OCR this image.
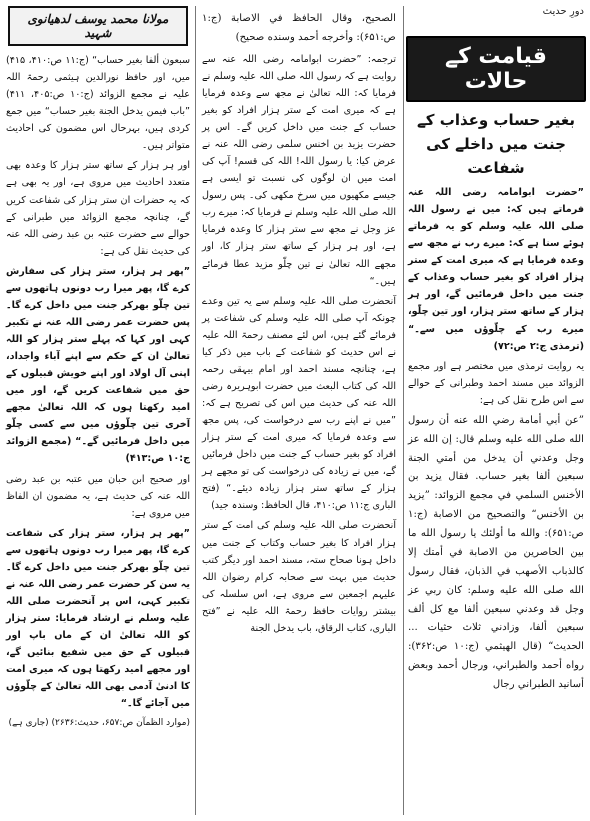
دورِ حدیث
قیامت کے حالات
بغیر حساب وعذاب کے جنت میں داخلے کی شفاعت

”حضرت ابوامامہ رضی اللہ عنہ فرماتے ہیں کہ: میں نے رسول اللہ صلی اللہ علیہ وسلم کو یہ فرماتے ہوئے سنا ہے کہ: میرے رب نے مجھ سے وعدہ فرمایا ہے کہ میری امت کے ستر ہزار افراد کو بغیر حساب وعذاب کے جنت میں داخل فرمائیں گے، اور ہر ہزار کے ساتھ ستر ہزار، اور تین چلّو، میرے رب کے چلّوؤں میں سے۔“ (ترمذی ج:۲ ص:۷۲)

یہ روایت ترمذی میں مختصر ہے اور مجمع الزوائد میں مسند احمد وطبرانی کے حوالے سے اس طرح نقل کی ہے:

”عن أبي أمامة رضي الله عنه أن رسول الله صلى الله عليه وسلم قال: إن الله عز وجل وعدني أن يدخل من أمتي الجنة سبعين ألفا بغير حساب. فقال يزيد بن الأخنس السلمي في مجمع الزوائد: ”يزيد بن الأخنس“ والتصحيح من الاصابة (ج:۱ ص:۶۵۱): والله ما أولئك يا رسول الله ما بين الحاصرين من الاصابة في أمتك إلا كالذباب الأصهب في الذبان، فقال رسول الله صلى الله عليه وسلم: كان ربي عز وجل قد وعدني سبعين ألفا مع كل ألف سبعين ألفا، وزادني ثلاث حثيات ... الحديث“ (قال الهيثمي (ج:۱۰ ص:۳۶۲): رواه أحمد والطبراني، ورجال أحمد وبعض أسانيد الطبراني رجال

الصحيح، وقال الحافظ في الاصابة (ج:۱ ص:۶۵۱): وأخرجه أحمد وسنده صحيح)

ترجمہ: ”حضرت ابوامامہ رضی اللہ عنہ سے روایت ہے کہ رسول اللہ صلی اللہ علیہ وسلم نے فرمایا کہ: اللہ تعالیٰ نے مجھ سے وعدہ فرمایا ہے کہ میری امت کے ستر ہزار افراد کو بغیر حساب کے جنت میں داخل کریں گے۔ اس پر حضرت یزید بن اخنس سلمی رضی اللہ عنہ نے عرض کیا: یا رسول اللہ! اللہ کی قسم! آپ کی امت میں ان لوگوں کی نسبت تو ایسی ہے جیسے مکھیوں میں سرخ مکھی کی۔ پس رسول اللہ صلی اللہ علیہ وسلم نے فرمایا کہ: میرے رب عز وجل نے مجھ سے ستر ہزار کا وعدہ فرمایا ہے، اور ہر ہزار کے ساتھ ستر ہزار کا، اور مجھے اللہ تعالیٰ نے تین چلّو مزید عطا فرمائے ہیں۔“

آنحضرت صلی اللہ علیہ وسلم سے یہ تین وعدے چونکہ آپ صلی اللہ علیہ وسلم کی شفاعت پر فرمائے گئے ہیں، اس لئے مصنف رحمۃ اللہ علیہ نے اس حدیث کو شفاعت کے باب میں ذکر کیا ہے، چنانچہ مسند احمد اور امام بیہقی رحمہ اللہ کی کتاب البعث میں حضرت ابوہریرہ رضی اللہ عنہ کی حدیث میں اس کی تصریح ہے کہ: ”میں نے اپنے رب سے درخواست کی، پس مجھ سے وعدہ فرمایا کہ میری امت کے ستر ہزار افراد کو بغیر حساب کے جنت میں داخل فرمائیں گے، میں نے زیادہ کی درخواست کی تو مجھے ہر ہزار کے ساتھ ستر ہزار زیادہ دیئے۔“ (فتح الباری ج:۱۱ ص:۴۱۰، قال الحافظ: وسندہ جید)

آنحضرت صلی اللہ علیہ وسلم کی امت کے ستر ہزار افراد کا بغیر حساب وکتاب کے جنت میں داخل ہونا صحاح ستہ، مسند احمد اور دیگر کتب حدیث میں بہت سے صحابہ کرام رضوان اللہ علیہم اجمعین سے مروی ہے، اس سلسلہ کی بیشتر روایات حافظ رحمۃ اللہ علیہ نے ”فتح الباری، کتاب الرقاق، باب یدخل الجنة

مولانا محمد یوسف لدھیانوی شہید

سبعون ألفا بغير حساب“ (ج:۱۱ ص:۴۱۰، ۴۱۵) میں، اور حافظ نورالدین ہیثمی رحمۃ اللہ علیہ نے مجمع الزوائد (ج:۱۰ ص:۴۰۵، ۴۱۱) ”باب فيمن يدخل الجنة بغير حساب“ میں جمع کردی ہیں، بہرحال اس مضمون کی احادیث متواتر ہیں۔

اور ہر ہزار کے ساتھ ستر ہزار کا وعدہ بھی متعدد احادیث میں مروی ہے، اور یہ بھی ہے کہ یہ حضرات ان ستر ہزار کی شفاعت کریں گے، چنانچہ مجمع الزوائد میں طبرانی کے حوالے سے حضرت عتبہ بن عبد رضی اللہ عنہ کی حدیث نقل کی ہے:

”پھر ہر ہزار، ستر ہزار کی سفارش کرے گا، پھر میرا رب دونوں ہاتھوں سے تین چلّو بھرکر جنت میں داخل کرے گا۔ پس حضرت عمر رضی اللہ عنہ نے تکبیر کہی اور کہا کہ پہلے ستر ہزار کو اللہ تعالیٰ ان کے حکم سے اپنے آباء واجداد، اپنی آل اولاد اور اپنے خویش قبیلوں کے حق میں شفاعت کریں گے، اور میں امید رکھتا ہوں کہ اللہ تعالیٰ مجھے آخری تین چلّوؤں میں سے کسی چلّو میں داخل فرمائیں گے۔“ (مجمع الزوائد ج:۱۰ ص:۴۱۳)

اور صحیح ابن حبان میں عتبہ بن عبد رضی اللہ عنہ کی حدیث ہے، یہ مضمون ان الفاظ میں مروی ہے:

”پھر ہر ہزار، ستر ہزار کی شفاعت کرے گا، پھر میرا رب دونوں ہاتھوں سے تین چلّو بھرکر جنت میں داخل کرے گا۔ یہ سن کر حضرت عمر رضی اللہ عنہ نے تکبیر کہی، اس پر آنحضرت صلی اللہ علیہ وسلم نے ارشاد فرمایا: ستر ہزار کو اللہ تعالیٰ ان کے ماں باپ اور قبیلوں کے حق میں شفیع بنائیں گے، اور مجھے امید رکھتا ہوں کہ میری امت کا ادنیٰ آدمی بھی اللہ تعالیٰ کے چلّوؤں میں آجائے گا۔“

(موارد الظمآن ص:۶۵۷، حدیث:۲۶۳۶) (جاری ہے)
